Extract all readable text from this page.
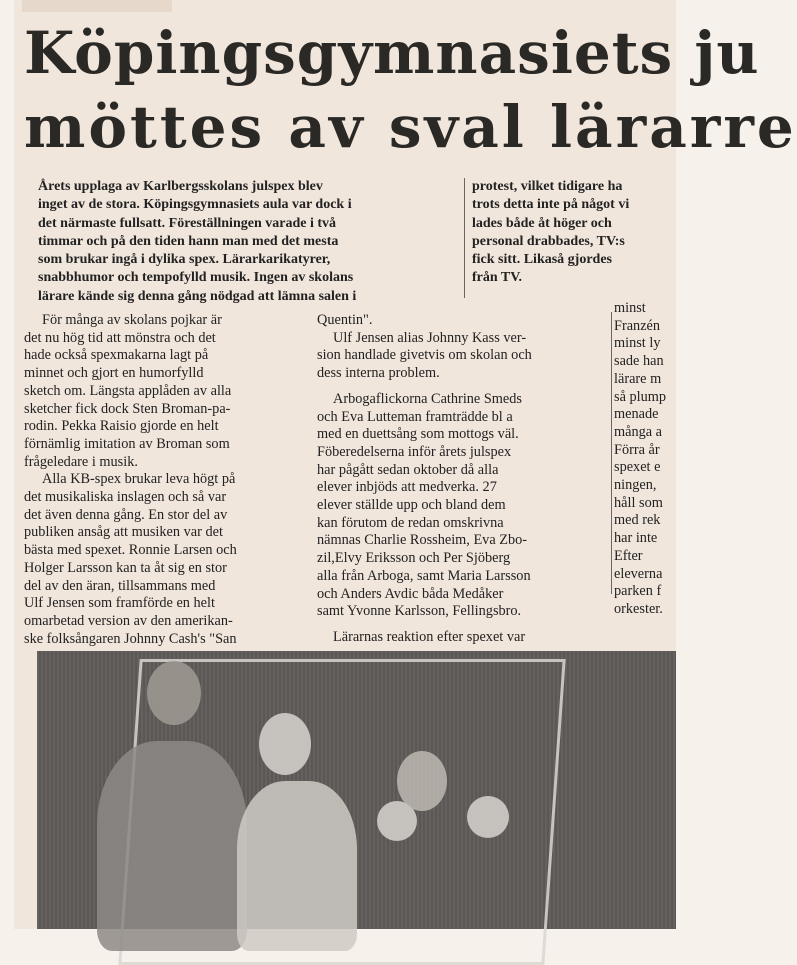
Köpingsgymnasiets ju
möttes av sval lärarre

Årets upplaga av Karlbergsskolans julspex blev

inget av de stora. Köpingsgymnasiets aula var dock i

det närmaste fullsatt. Föreställningen varade i två

timmar och på den tiden hann man med det mesta

som brukar ingå i dylika spex. Lärarkarikatyrer,

snabbhumor och tempofylld musik. Ingen av skolans

lärare kände sig denna gång nödgad att lämna salen i

protest, vilket tidigare ha

trots detta inte på något vi

lades både åt höger och

personal drabbades, TV:s

fick sitt. Likaså gjordes

från TV.

För många av skolans pojkar är

det nu hög tid att mönstra och det

hade också spexmakarna lagt på

minnet och gjort en humorfylld

sketch om. Längsta applåden av alla

sketcher fick dock Sten Broman-pa-

rodin. Pekka Raisio gjorde en helt

förnämlig imitation av Broman som

frågeledare i musik.

Alla KB-spex brukar leva högt på

det musikaliska inslagen och så var

det även denna gång. En stor del av

publiken ansåg att musiken var det

bästa med spexet. Ronnie Larsen och

Holger Larsson kan ta åt sig en stor

del av den äran, tillsammans med

Ulf Jensen som framförde en helt

omarbetad version av den amerikan-

ske folksångaren Johnny Cash's "San

Quentin".

Ulf Jensen alias Johnny Kass ver-

sion handlade givetvis om skolan och

dess interna problem.

Arbogaflickorna Cathrine Smeds

och Eva Lutteman framträdde bl a

med en duettsång som mottogs väl.

Föberedelserna inför årets julspex

har pågått sedan oktober då alla

elever inbjöds att medverka. 27

elever ställde upp och bland dem

kan förutom de redan omskrivna

nämnas Charlie Rossheim, Eva Zbo-

zil,Elvy Eriksson och Per Sjöberg

alla från Arboga, samt Maria Larsson

och Anders Avdic båda Medåker

samt Yvonne Karlsson, Fellingsbro.

Lärarnas reaktion efter spexet var

minst

Franzén

minst ly

sade han

lärare m

så plump

menade

många a

Förra år

spexet e

ningen,

håll som

med rek

har inte

Efter

eleverna

parken f

orkester.
